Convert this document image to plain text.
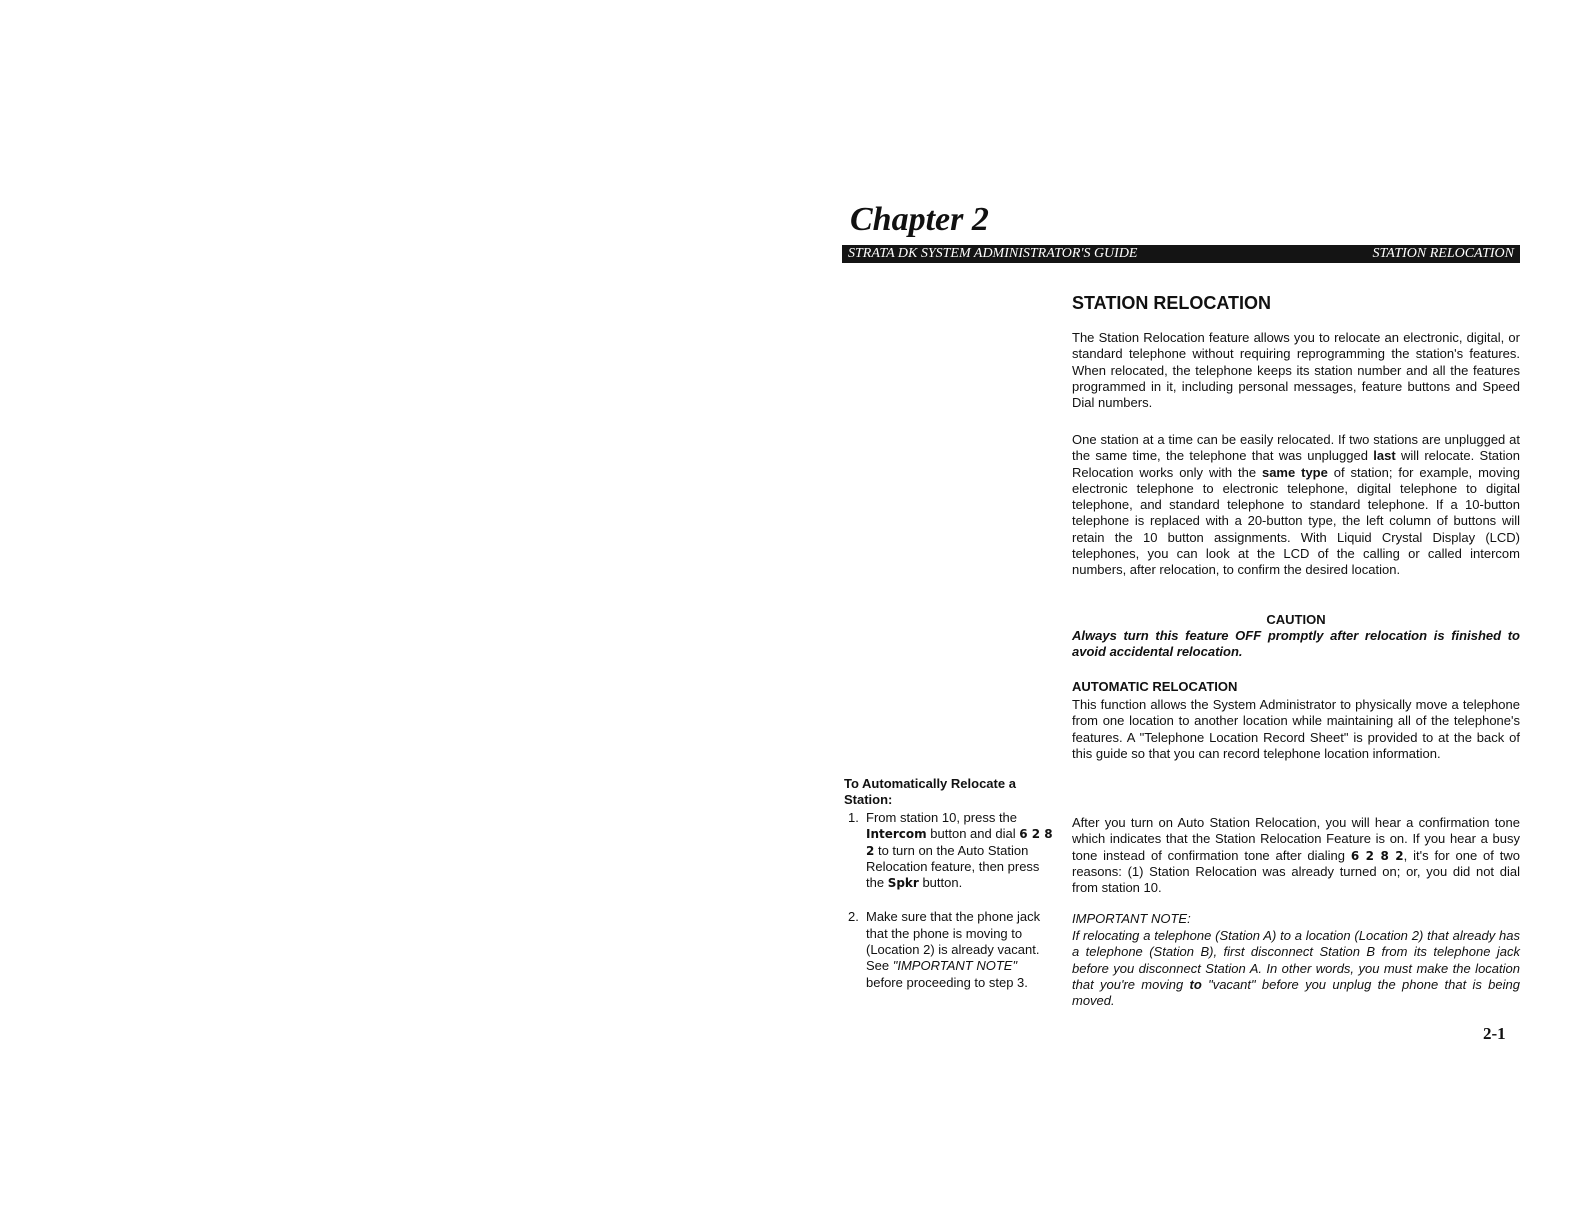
Chapter 2
STRATA DK SYSTEM ADMINISTRATOR'S GUIDE	STATION RELOCATION
STATION RELOCATION

The Station Relocation feature allows you to relocate an electronic, digital, or standard telephone without requiring reprogramming the station's features. When relocated, the telephone keeps its station number and all the features programmed in it, including personal messages, feature buttons and Speed Dial numbers.

One station at a time can be easily relocated. If two stations are unplugged at the same time, the telephone that was unplugged last will relocate. Station Relocation works only with the same type of station; for example, moving electronic telephone to electronic telephone, digital telephone to digital telephone, and standard telephone to standard telephone. If a 10-button telephone is replaced with a 20-button type, the left column of buttons will retain the 10 button assignments. With Liquid Crystal Display (LCD) telephones, you can look at the LCD of the calling or called intercom numbers, after relocation, to confirm the desired location.

CAUTION

Always turn this feature OFF promptly after relocation is finished to avoid accidental relocation.

AUTOMATIC RELOCATION

This function allows the System Administrator to physically move a telephone from one location to another location while maintaining all of the telephone's features. A "Telephone Location Record Sheet" is provided to at the back of this guide so that you can record telephone location information.

After you turn on Auto Station Relocation, you will hear a confirmation tone which indicates that the Station Relocation Feature is on. If you hear a busy tone instead of confirmation tone after dialing 6 2 8 2, it's for one of two reasons: (1) Station Relocation was already turned on; or, you did not dial from station 10.

IMPORTANT NOTE:

If relocating a telephone (Station A) to a location (Location 2) that already has a telephone (Station B), first disconnect Station B from its telephone jack before you disconnect Station A. In other words, you must make the location that you're moving to "vacant" before you unplug the phone that is being moved.

To Automatically Relocate a Station:
1. From station 10, press the Intercom button and dial 6 2 8 2 to turn on the Auto Station Relocation feature, then press the Spkr button.
2. Make sure that the phone jack that the phone is moving to (Location 2) is already vacant. See "IMPORTANT NOTE" before proceeding to step 3.
2-1
